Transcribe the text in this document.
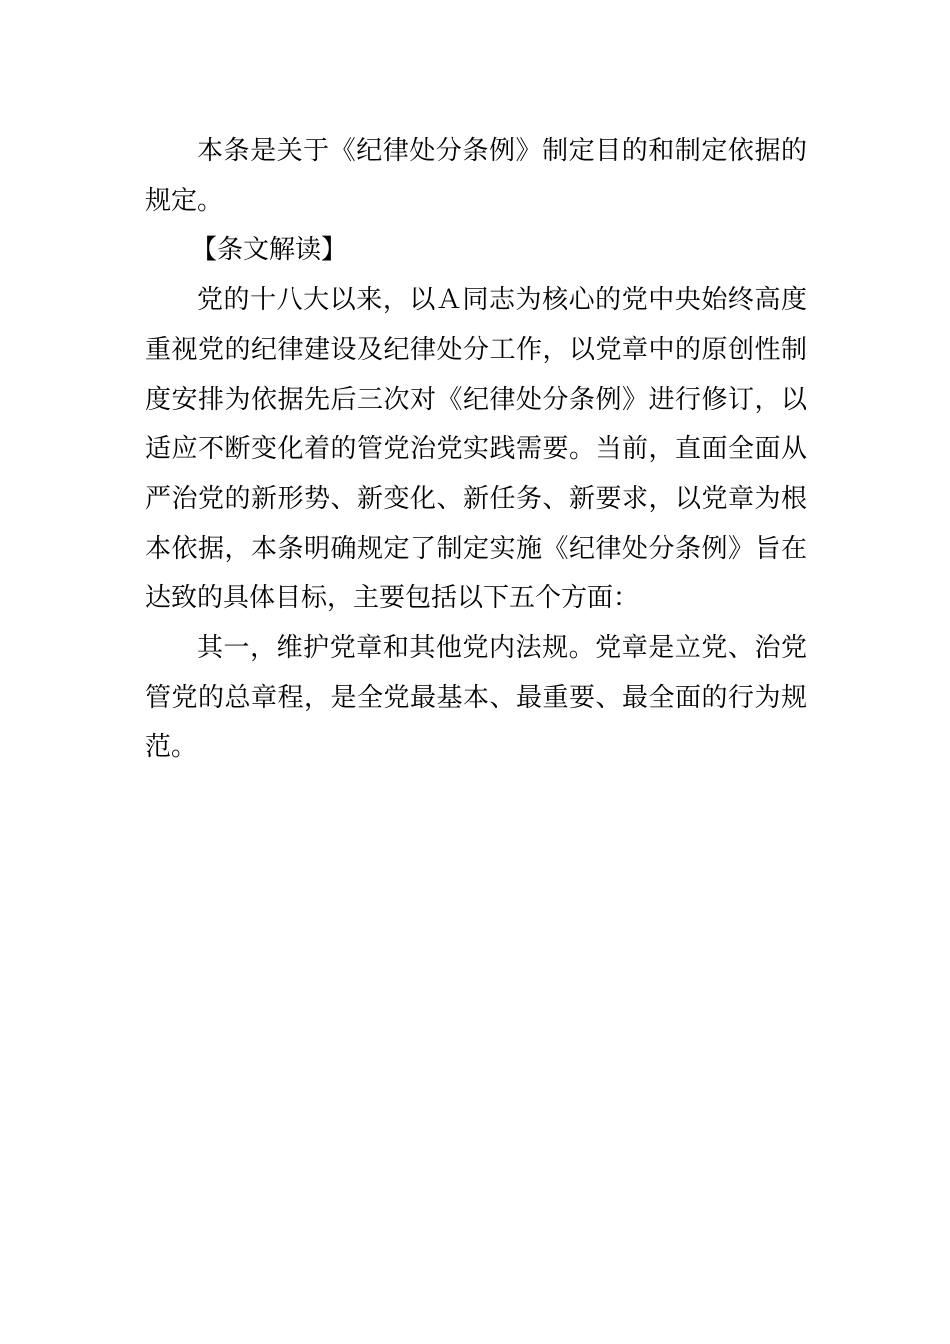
本条是关于《纪律处分条例》制定目的和制定依据的规定。

【条文解读】

党的十八大以来，以Ａ同志为核心的党中央始终高度重视党的纪律建设及纪律处分工作，以党章中的原创性制度安排为依据先后三次对《纪律处分条例》进行修订，以适应不断变化着的管党治党实践需要。当前，直面全面从严治党的新形势、新变化、新任务、新要求，以党章为根本依据，本条明确规定了制定实施《纪律处分条例》旨在达致的具体目标，主要包括以下五个方面：

其一，维护党章和其他党内法规。党章是立党、治党管党的总章程，是全党最基本、最重要、最全面的行为规范。
